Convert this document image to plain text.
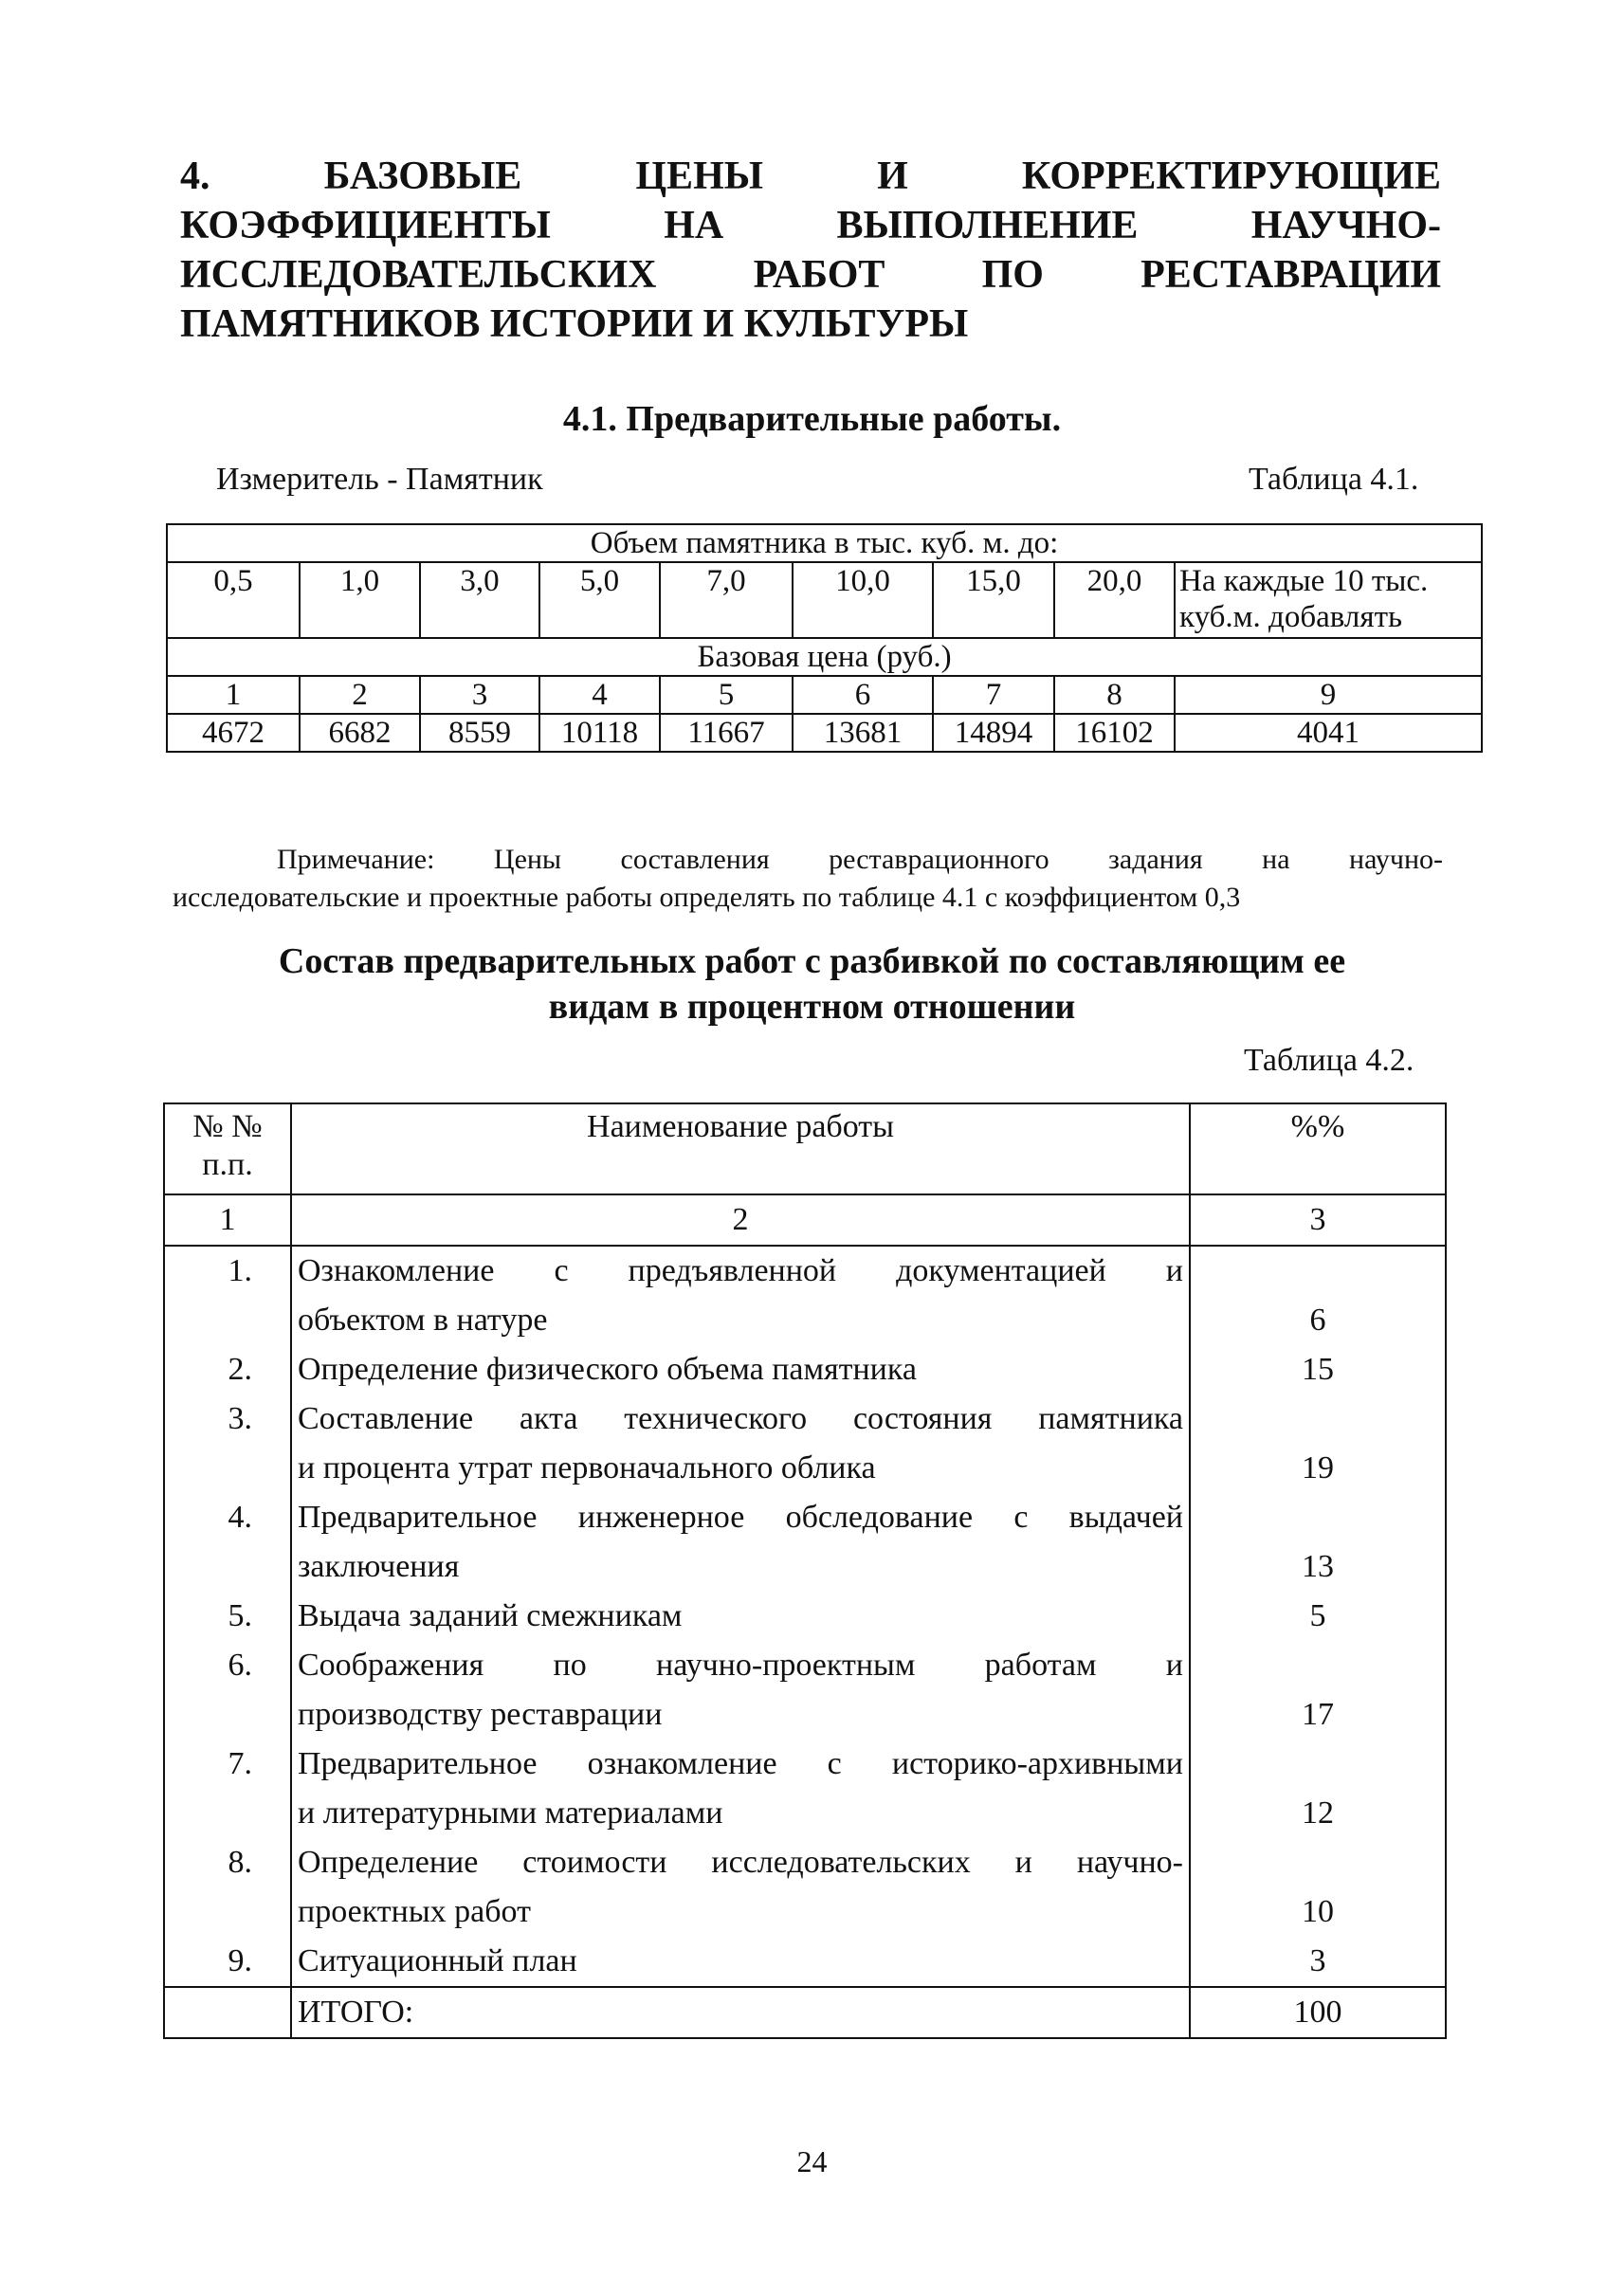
4. БАЗОВЫЕ ЦЕНЫ И КОРРЕКТИРУЮЩИЕ
КОЭФФИЦИЕНТЫ НА ВЫПОЛНЕНИЕ НАУЧНО-
ИССЛЕДОВАТЕЛЬСКИХ РАБОТ ПО РЕСТАВРАЦИИ
ПАМЯТНИКОВ ИСТОРИИ И КУЛЬТУРЫ
4.1. Предварительные работы.
Измеритель - Памятник	Таблица 4.1.
Объем памятника в тыс. куб. м. до:								
0,5	1,0	3,0	5,0	7,0	10,0	15,0	20,0	На каждые 10 тыс. куб.м. добавлять
Базовая цена (руб.)								
1	2	3	4	5	6	7	8	9
4672	6682	8559	10118	11667	13681	14894	16102	4041
Примечание: Цены составления реставрационного задания на научно-
исследовательские и проектные работы определять по таблице 4.1 с коэффициентом 0,3
Состав предварительных работ с разбивкой по составляющим ее
видам в процентном отношении
Таблица 4.2.
№ № п.п.	Наименование работы	%%
1	2	3
1.	Ознакомление с предъявленной документацией и
объектом в натуре	6
2.	Определение физического объема памятника	15
3.	Составление акта технического состояния памятника
и процента утрат первоначального облика	19
4.	Предварительное инженерное обследование с выдачей
заключения	13
5.	Выдача заданий смежникам	5
6.	Соображения по научно-проектным работам и
производству реставрации	17
7.	Предварительное ознакомление с историко-архивными
и литературными материалами	12
8.	Определение стоимости исследовательских и научно-
проектных работ	10
9.	Ситуационный план	3
	ИТОГО:	100
24
